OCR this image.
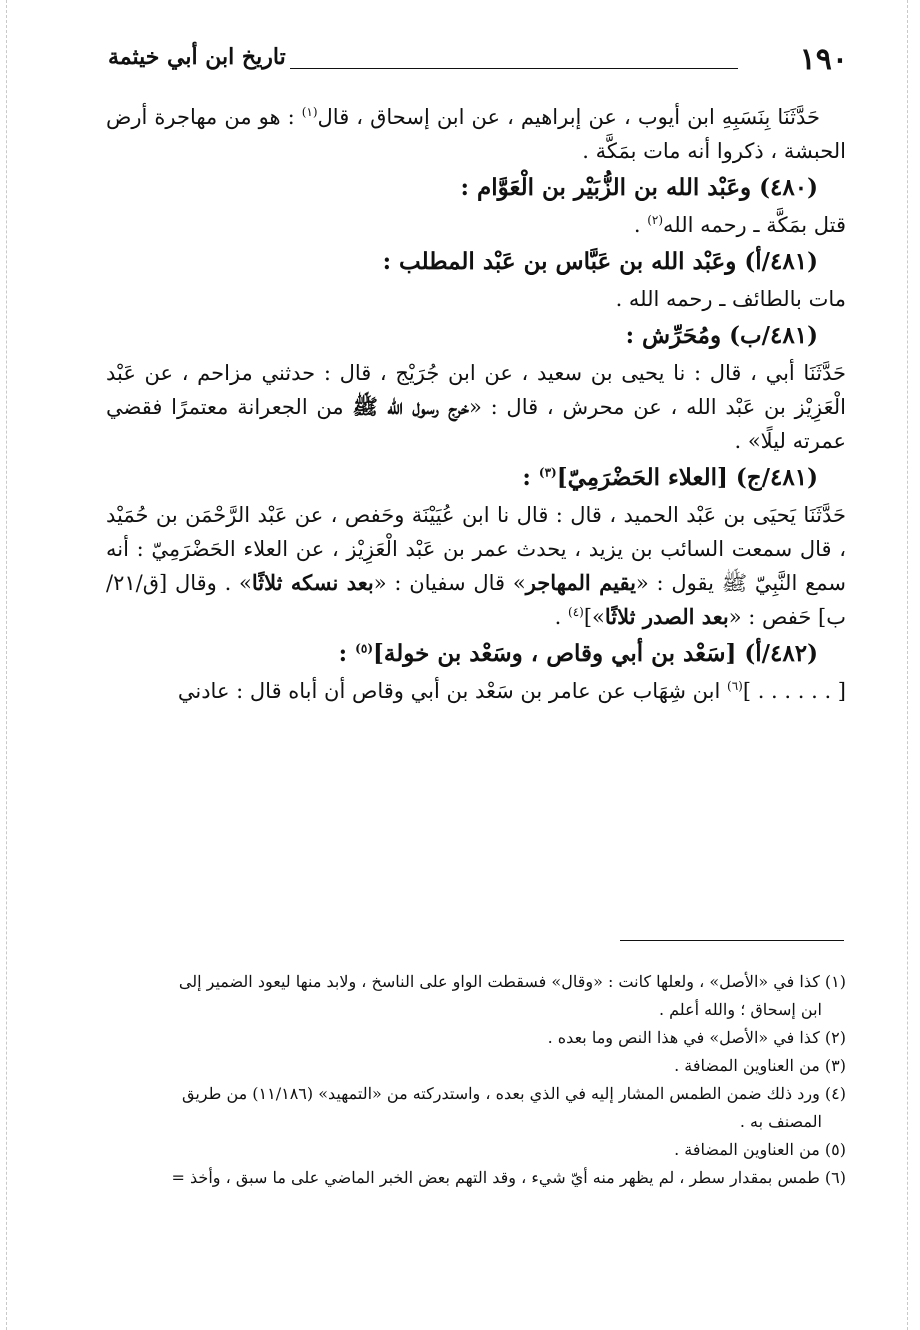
١٩٠
تاريخ ابن أبي خيثمة

حَدَّثَنَا بِنَسَبِهِ ابن أيوب ، عن إبراهيم ، عن ابن إسحاق ، قال$^{(١)}$ : هو من مهاجرة أرض الحبشة ، ذكروا أنه مات بمَكَّة .

(٤٨٠) وعَبْد الله بن الزُّبَيْر بن الْعَوَّام :

قتل بمَكَّة ـ رحمه الله$^{(٢)}$ .

(٤٨١/أ) وعَبْد الله بن عَبَّاس بن عَبْد المطلب :

مات بالطائف ـ رحمه الله .

(٤٨١/ب) ومُحَرِّش :

حَدَّثَنَا أبي ، قال : نا يحيى بن سعيد ، عن ابن جُرَيْج ، قال : حدثني مزاحم ، عن عَبْد الْعَزِيْز بن عَبْد الله ، عن محرش ، قال : «خرج رسول الله ﷺ من الجعرانة معتمرًا فقضي عمرته ليلًا» .

(٤٨١/ج) [العلاء الحَضْرَمِيّ]$^{(٣)}$ :

حَدَّثَنَا يَحيَى بن عَبْد الحميد ، قال : قال نا ابن عُيَيْنَة وحَفص ، عن عَبْد الرَّحْمَن بن حُمَيْد ، قال سمعت السائب بن يزيد ، يحدث عمر بن عَبْد الْعَزِيْز ، عن العلاء الحَضْرَمِيّ : أنه سمع النَّبِيّ ﷺ يقول : «يقيم المهاجر» قال سفيان : «بعد نسكه ثلاثًا» . وقال [ق/٢١/ب] حَفص : «بعد الصدر ثلاثًا»]$^{(٤)}$ .

(٤٨٢/أ) [سَعْد بن أبي وقاص ، وسَعْد بن خولة]$^{(٥)}$ :

[ . . . . . . ]$^{(٦)}$ ابن شِهَاب عن عامر بن سَعْد بن أبي وقاص أن أباه قال : عادني

(١) كذا في «الأصل» ، ولعلها كانت : «وقال» فسقطت الواو على الناسخ ، ولابد منها ليعود الضمير إلى

ابن إسحاق ؛ والله أعلم .

(٢) كذا في «الأصل» في هذا النص وما بعده .

(٣) من العناوين المضافة .

(٤) ورد ذلك ضمن الطمس المشار إليه في الذي بعده ، واستدركته من «التمهيد» (١١/١٨٦) من طريق

المصنف به .

(٥) من العناوين المضافة .

(٦) طمس بمقدار سطر ، لم يظهر منه أيّ شيء ، وقد التهم بعض الخبر الماضي على ما سبق ، وأخذ =
